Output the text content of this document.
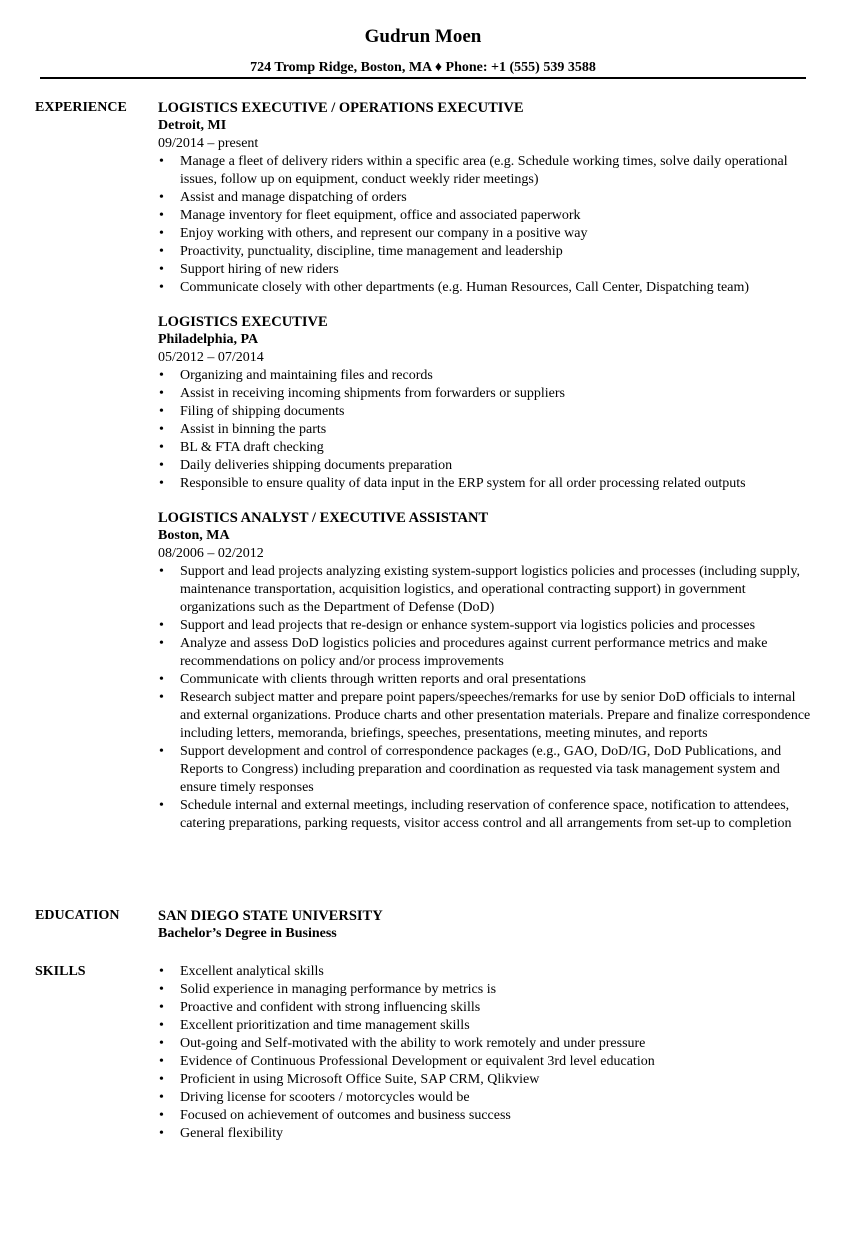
Gudrun Moen
724 Tromp Ridge, Boston, MA ♦ Phone: +1 (555) 539 3588
EXPERIENCE	LOGISTICS EXECUTIVE / OPERATIONS EXECUTIVE
Detroit, MI
09/2014 – present
• Manage a fleet of delivery riders within a specific area (e.g. Schedule working times, solve daily operational issues, follow up on equipment, conduct weekly rider meetings)
• Assist and manage dispatching of orders
• Manage inventory for fleet equipment, office and associated paperwork
• Enjoy working with others, and represent our company in a positive way
• Proactivity, punctuality, discipline, time management and leadership
• Support hiring of new riders
• Communicate closely with other departments (e.g. Human Resources, Call Center, Dispatching team)
LOGISTICS EXECUTIVE
Philadelphia, PA
05/2012 – 07/2014
• Organizing and maintaining files and records
• Assist in receiving incoming shipments from forwarders or suppliers
• Filing of shipping documents
• Assist in binning the parts
• BL & FTA draft checking
• Daily deliveries shipping documents preparation
• Responsible to ensure quality of data input in the ERP system for all order processing related outputs
LOGISTICS ANALYST / EXECUTIVE ASSISTANT
Boston, MA
08/2006 – 02/2012
• Support and lead projects analyzing existing system-support logistics policies and processes (including supply, maintenance transportation, acquisition logistics, and operational contracting support) in government organizations such as the Department of Defense (DoD)
• Support and lead projects that re-design or enhance system-support via logistics policies and processes
• Analyze and assess DoD logistics policies and procedures against current performance metrics and make recommendations on policy and/or process improvements
• Communicate with clients through written reports and oral presentations
• Research subject matter and prepare point papers/speeches/remarks for use by senior DoD officials to internal and external organizations. Produce charts and other presentation materials. Prepare and finalize correspondence including letters, memoranda, briefings, speeches, presentations, meeting minutes, and reports
• Support development and control of correspondence packages (e.g., GAO, DoD/IG, DoD Publications, and Reports to Congress) including preparation and coordination as requested via task management system and ensure timely responses
• Schedule internal and external meetings, including reservation of conference space, notification to attendees, catering preparations, parking requests, visitor access control and all arrangements from set-up to completion
EDUCATION	SAN DIEGO STATE UNIVERSITY
Bachelor’s Degree in Business
SKILLS
•	Excellent analytical skills
• Solid experience in managing performance by metrics is
• Proactive and confident with strong influencing skills
• Excellent prioritization and time management skills
• Out-going and Self-motivated with the ability to work remotely and under pressure
• Evidence of Continuous Professional Development or equivalent 3rd level education
• Proficient in using Microsoft Office Suite, SAP CRM, Qlikview
• Driving license for scooters / motorcycles would be
• Focused on achievement of outcomes and business success
• General flexibility
